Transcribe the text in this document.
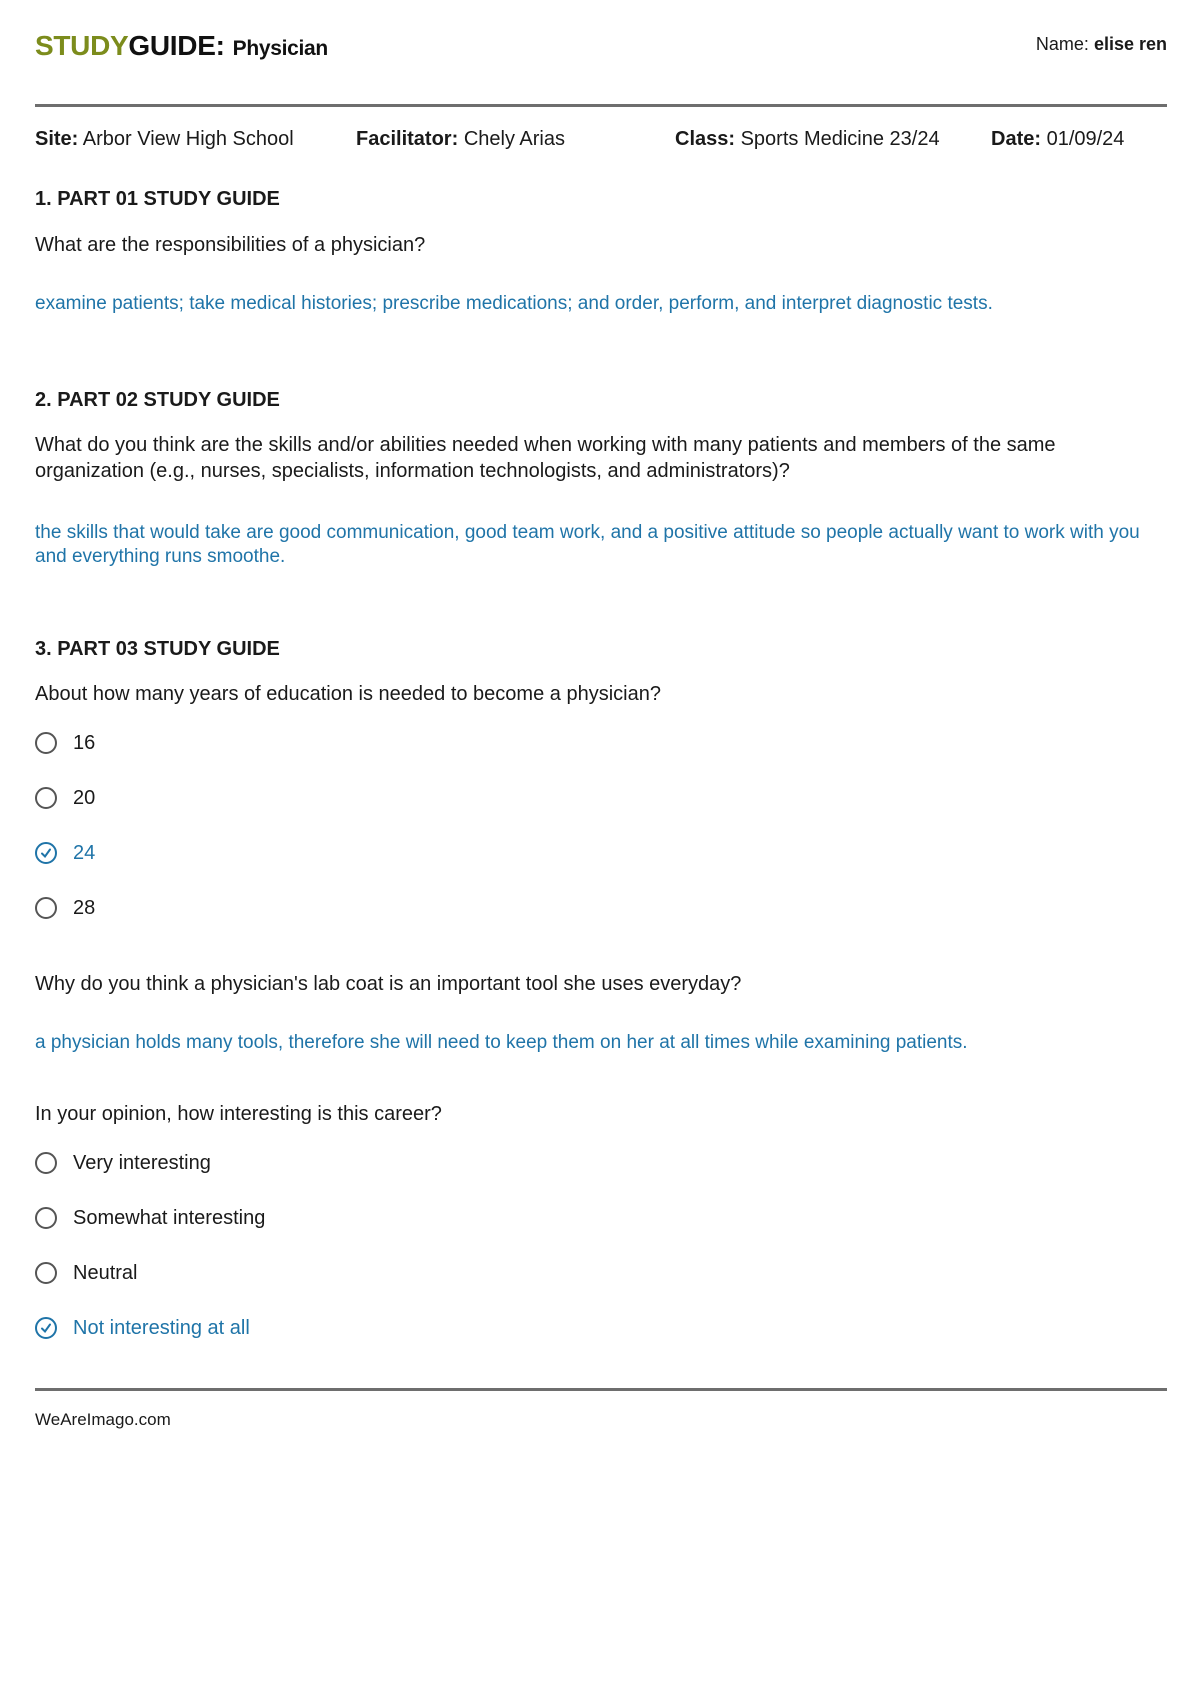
STUDYGUIDE: Physician	Name: elise ren
Site: Arbor View High School	Facilitator: Chely Arias	Class: Sports Medicine 23/24	Date: 01/09/24
1. PART 01 STUDY GUIDE
What are the responsibilities of a physician?
examine patients; take medical histories; prescribe medications; and order, perform, and interpret diagnostic tests.
2. PART 02 STUDY GUIDE
What do you think are the skills and/or abilities needed when working with many patients and members of the same organization (e.g., nurses, specialists, information technologists, and administrators)?
the skills that would take are good communication, good team work, and a positive attitude so people actually want to work with you and everything runs smoothe.
3. PART 03 STUDY GUIDE
About how many years of education is needed to become a physician?
16
20
24
28
Why do you think a physician's lab coat is an important tool she uses everyday?
a physician holds many tools, therefore she will need to keep them on her at all times while examining patients.
In your opinion, how interesting is this career?
Very interesting
Somewhat interesting
Neutral
Not interesting at all
WeAreImago.com
